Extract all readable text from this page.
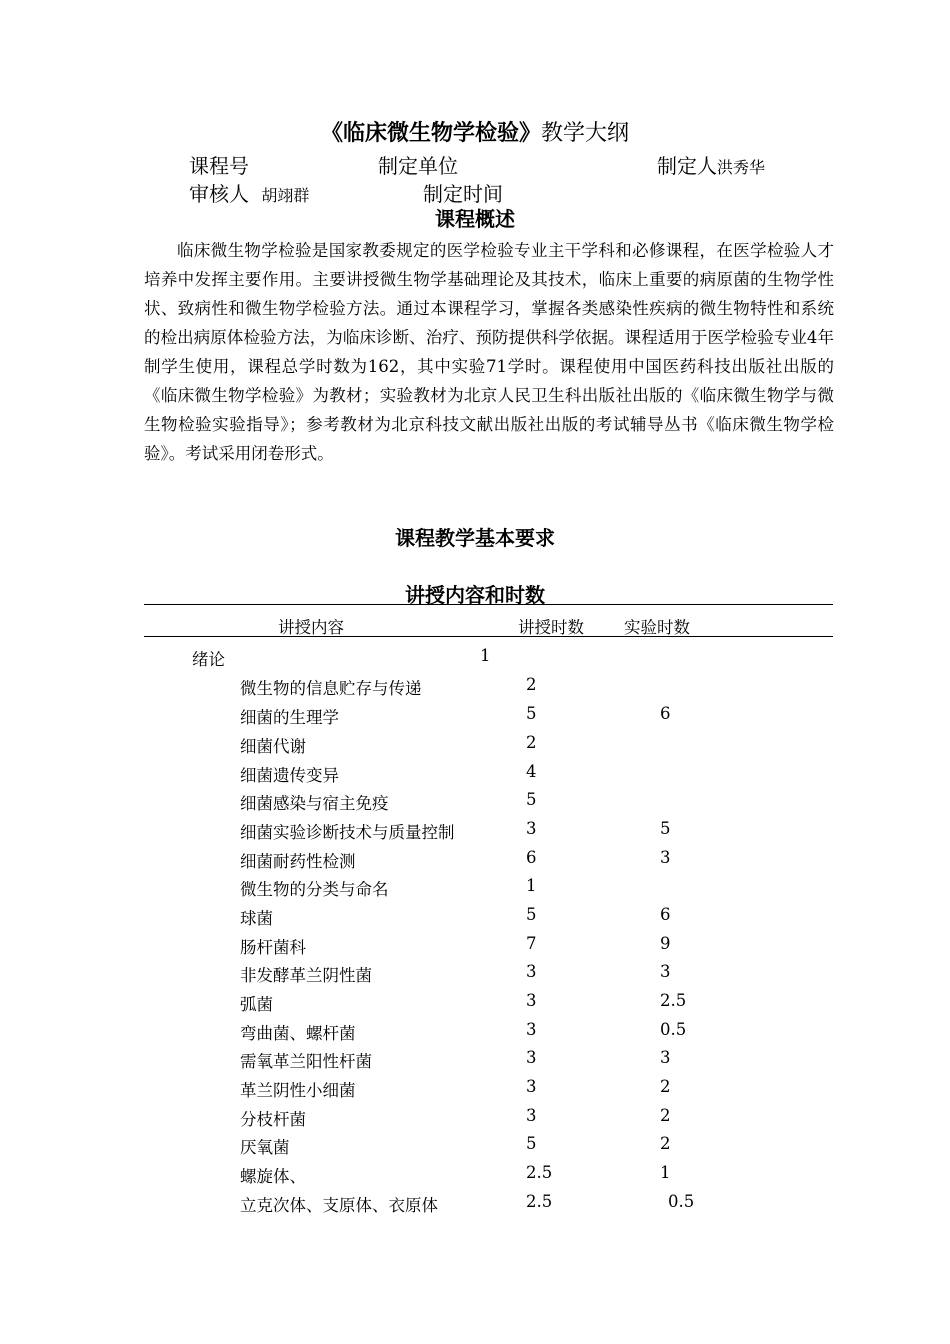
《临床微生物学检验》教学大纲
课程号	制定单位	制定人洪秀华
审核人 胡翊群	制定时间
课程概述
临床微生物学检验是国家教委规定的医学检验专业主干学科和必修课程，在医学检验人才培养中发挥主要作用。主要讲授微生物学基础理论及其技术，临床上重要的病原菌的生物学性状、致病性和微生物学检验方法。通过本课程学习，掌握各类感染性疾病的微生物特性和系统的检出病原体检验方法，为临床诊断、治疗、预防提供科学依据。课程适用于医学检验专业4年制学生使用，课程总学时数为162，其中实验71学时。课程使用中国医药科技出版社出版的《临床微生物学检验》为教材；实验教材为北京人民卫生科出版社出版的《临床微生物学与微生物检验实验指导》；参考教材为北京科技文献出版社出版的考试辅导丛书《临床微生物学检验》。考试采用闭卷形式。
课程教学基本要求
讲授内容和时数
讲授内容	讲授时数 实验时数
绪论	1
微生物的信息贮存与传递	2
细菌的生理学	5	6
细菌代谢	2
细菌遗传变异	4
细菌感染与宿主免疫	5
细菌实验诊断技术与质量控制	3	5
细菌耐药性检测	6	3
微生物的分类与命名	1
球菌	5	6
肠杆菌科	7	9
非发酵革兰阴性菌	3	3
弧菌	3	2.5
弯曲菌、螺杆菌	3	0.5
需氧革兰阳性杆菌	3	3
革兰阴性小细菌	3	2
分枝杆菌	3	2
厌氧菌	5	2
螺旋体、	2.5	1
立克次体、支原体、衣原体	2.5	0.5
